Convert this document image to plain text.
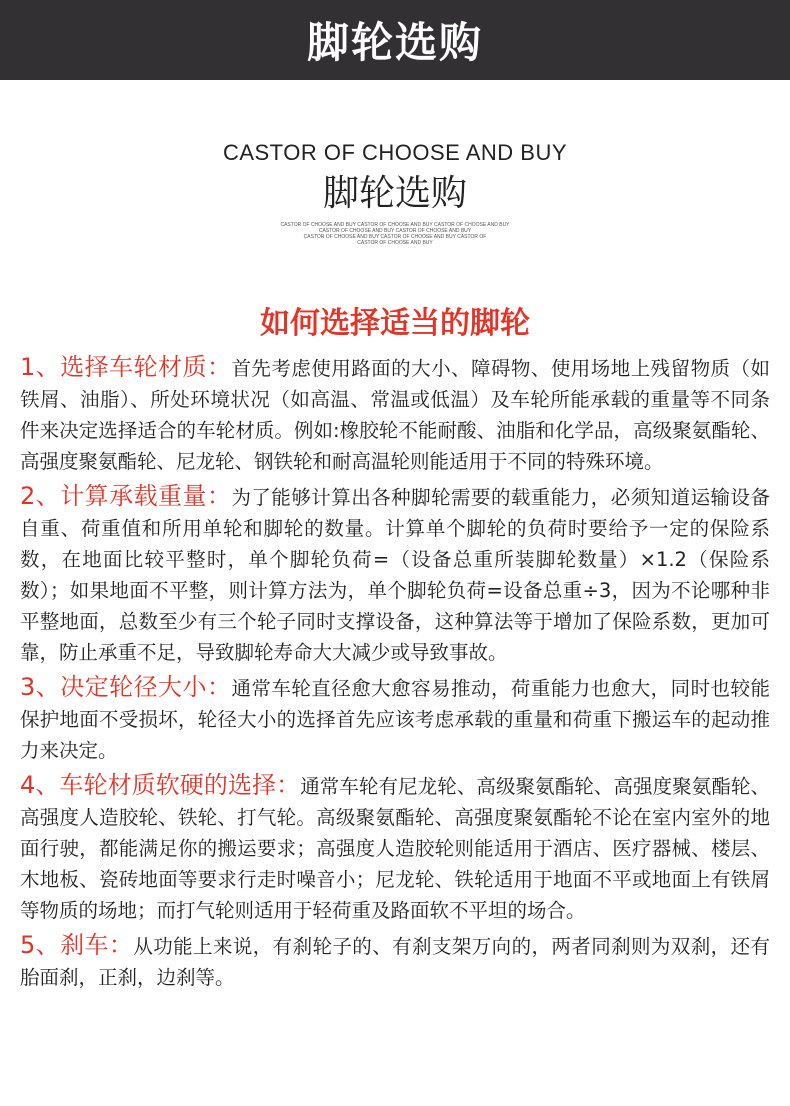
脚轮选购
CASTOR OF CHOOSE AND BUY
脚轮选购
CASTOR OF CHOOSE AND BUY CASTOR OF CHOOSE AND BUY CASTOR OF CHOOSE AND BUY
CASTOR OF CHOOSE AND BUY CASTOR OF CHOOSE AND BUY
CASTOR OF CHOOSE AND BUY CASTOR OF CHOOSE AND BUY CASTOR OF
CASTOR OF CHOOSE AND BUY
如何选择适当的脚轮

1、选择车轮材质：首先考虑使用路面的大小、障碍物、使用场地上残留物质（如铁屑、油脂）、所处环境状况（如高温、常温或低温）及车轮所能承载的重量等不同条件来决定选择适合的车轮材质。例如:橡胶轮不能耐酸、油脂和化学品，高级聚氨酯轮、高强度聚氨酯轮、尼龙轮、钢铁轮和耐高温轮则能适用于不同的特殊环境。

2、计算承载重量：为了能够计算出各种脚轮需要的载重能力，必须知道运输设备自重、荷重值和所用单轮和脚轮的数量。计算单个脚轮的负荷时要给予一定的保险系数，在地面比较平整时，单个脚轮负荷=（设备总重所装脚轮数量）×1.2（保险系数）；如果地面不平整，则计算方法为，单个脚轮负荷=设备总重÷3，因为不论哪种非平整地面，总数至少有三个轮子同时支撑设备，这种算法等于增加了保险系数，更加可靠，防止承重不足，导致脚轮寿命大大减少或导致事故。

3、决定轮径大小：通常车轮直径愈大愈容易推动，荷重能力也愈大，同时也较能保护地面不受损坏，轮径大小的选择首先应该考虑承载的重量和荷重下搬运车的起动推力来决定。

4、车轮材质软硬的选择：通常车轮有尼龙轮、高级聚氨酯轮、高强度聚氨酯轮、高强度人造胶轮、铁轮、打气轮。高级聚氨酯轮、高强度聚氨酯轮不论在室内室外的地面行驶，都能满足你的搬运要求；高强度人造胶轮则能适用于酒店、医疗器械、楼层、木地板、瓷砖地面等要求行走时噪音小；尼龙轮、铁轮适用于地面不平或地面上有铁屑等物质的场地；而打气轮则适用于轻荷重及路面软不平坦的场合。

5、刹车：从功能上来说，有刹轮子的、有刹支架万向的，两者同刹则为双刹，还有胎面刹，正刹，边刹等。
